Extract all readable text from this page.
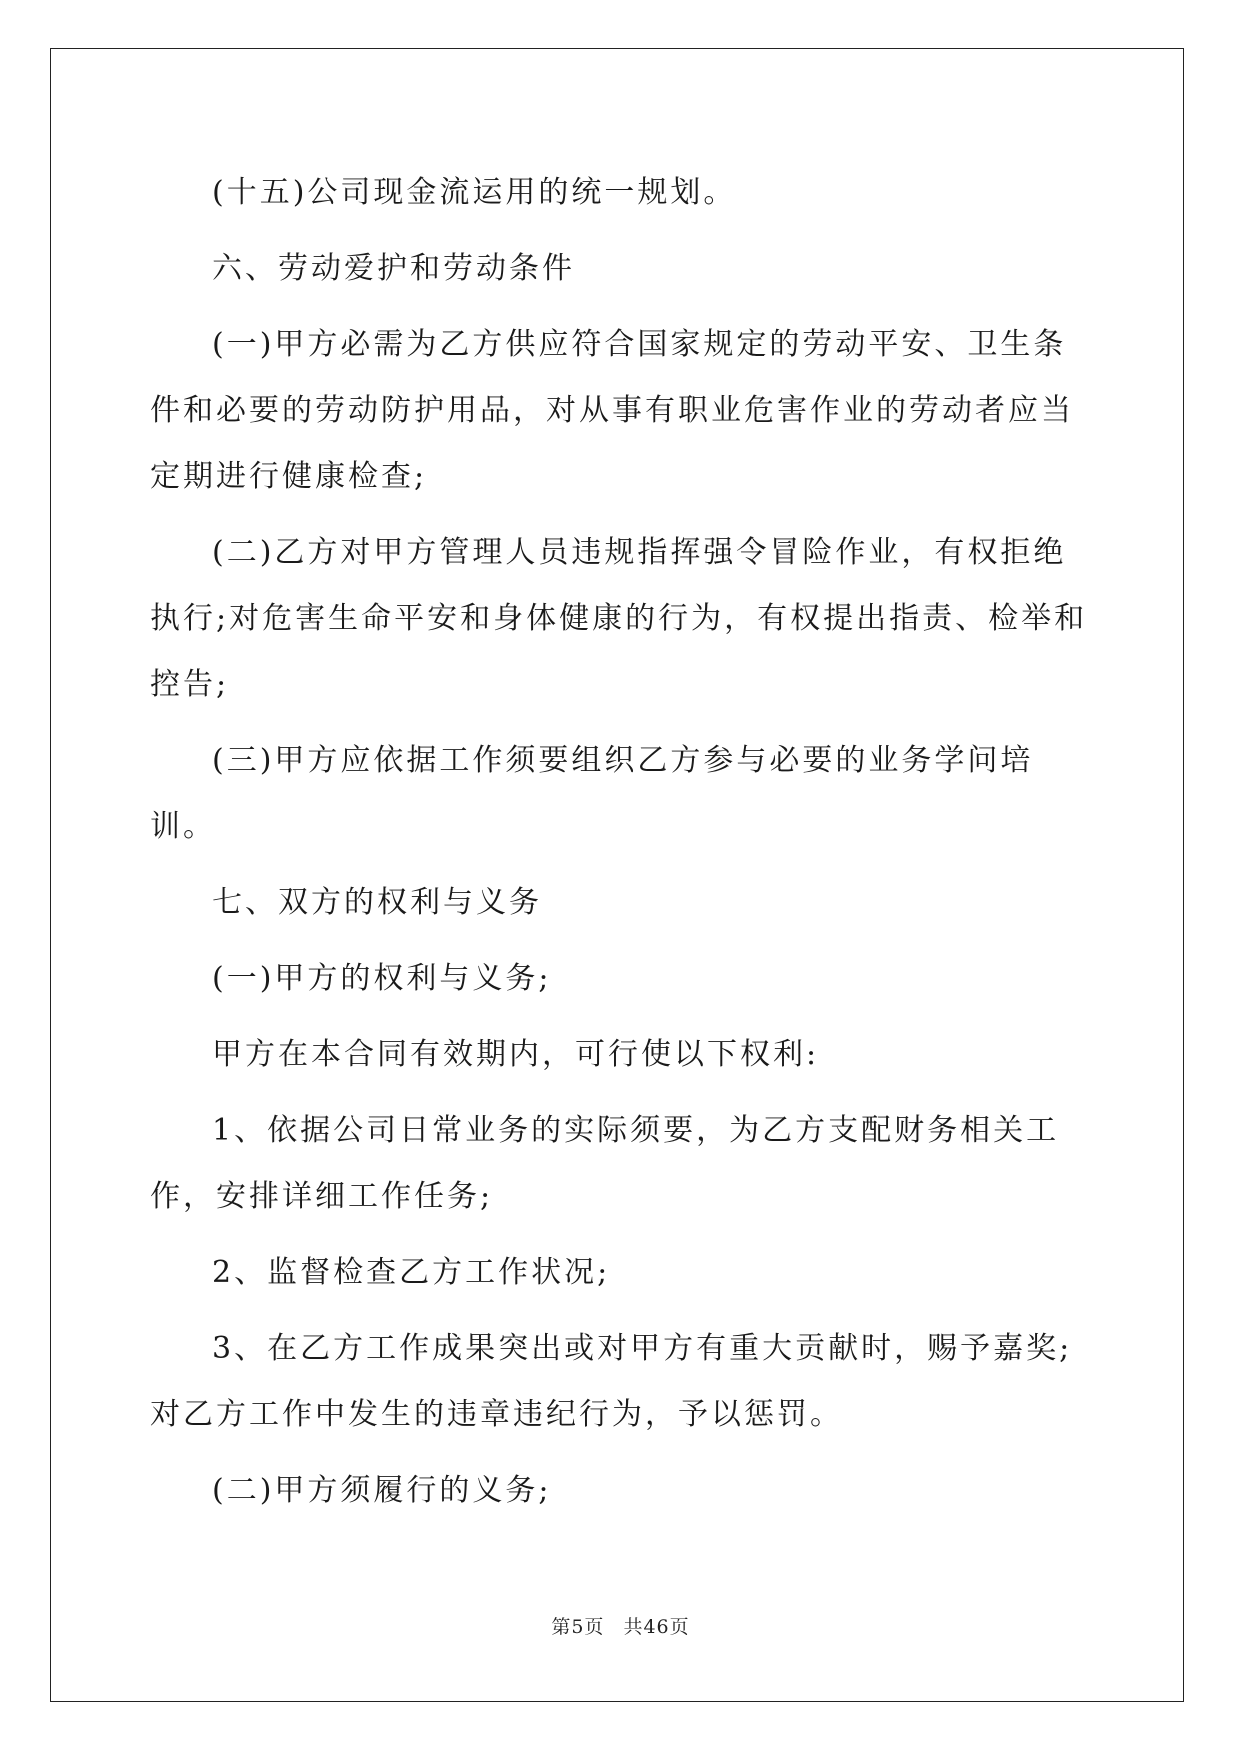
(十五)公司现金流运用的统一规划。

六、劳动爱护和劳动条件

(一)甲方必需为乙方供应符合国家规定的劳动平安、卫生条件和必要的劳动防护用品，对从事有职业危害作业的劳动者应当定期进行健康检查;

(二)乙方对甲方管理人员违规指挥强令冒险作业，有权拒绝执行;对危害生命平安和身体健康的行为，有权提出指责、检举和控告;

(三)甲方应依据工作须要组织乙方参与必要的业务学问培训。

七、双方的权利与义务

(一)甲方的权利与义务;

甲方在本合同有效期内，可行使以下权利:

1、依据公司日常业务的实际须要，为乙方支配财务相关工作，安排详细工作任务;

2、监督检查乙方工作状况;

3、在乙方工作成果突出或对甲方有重大贡献时，赐予嘉奖;对乙方工作中发生的违章违纪行为，予以惩罚。

(二)甲方须履行的义务;

第5页 共46页
